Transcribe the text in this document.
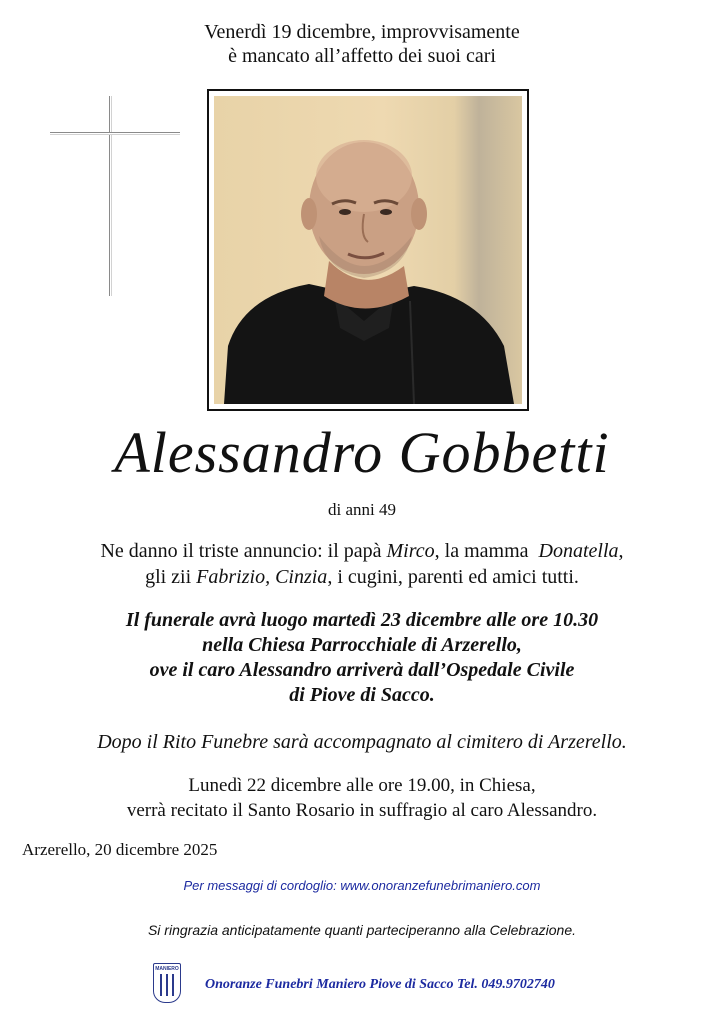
Venerdì 19 dicembre, improvvisamente
è mancato all’affetto dei suoi cari
Alessandro Gobbetti
di anni 49
Ne danno il triste annuncio: il papà Mirco, la mamma  Donatella,
gli zii Fabrizio, Cinzia, i cugini, parenti ed amici tutti.
Il funerale avrà luogo martedì 23 dicembre alle ore 10.30
nella Chiesa Parrocchiale di Arzerello,
ove il caro Alessandro arriverà dall’Ospedale Civile
di Piove di Sacco.
Dopo il Rito Funebre sarà accompagnato al cimitero di Arzerello.
Lunedì 22 dicembre alle ore 19.00, in Chiesa,
verrà recitato il Santo Rosario in suffragio al caro Alessandro.
Arzerello, 20 dicembre 2025
Per messaggi di cordoglio: www.onoranzefunebrimaniero.com
Si ringrazia anticipatamente quanti parteciperanno alla Celebrazione.
MANIERO
Onoranze Funebri Maniero Piove di Sacco Tel. 049.9702740
